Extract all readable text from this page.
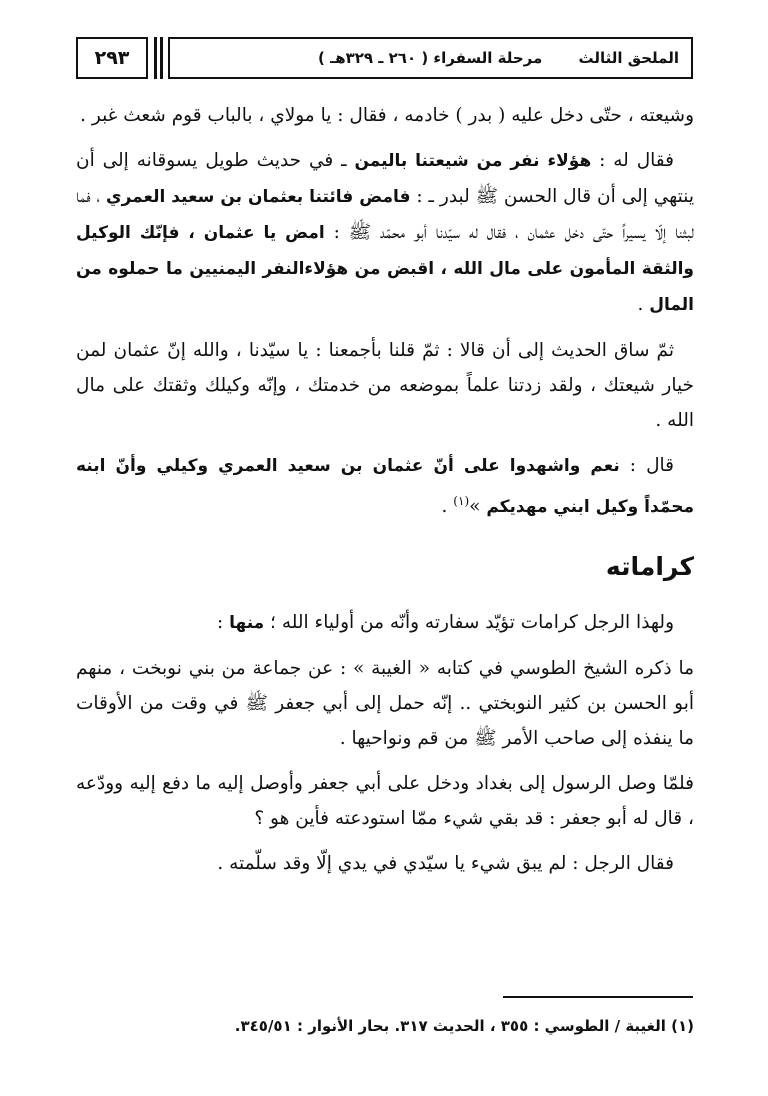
٢٩٣	الملحق الثالث
مرحلة السفراء ( ٢٦٠ ـ ٣٢٩هـ )

وشيعته ، حتّى دخل عليه ( بدر ) خادمه ، فقال : يا مولاي ، بالباب قوم شعث غبر .

فقال له : هؤلاء نفر من شيعتنا باليمن ـ في حديث طويل يسوقانه إلى أن ينتهي إلى أن قال الحسن ﷺ لبدر ـ : فامض فائتنا بعثمان بن سعيد العمري ، فما لبثنا إلّا يسيراً حتّى دخل عثمان ، فقال له سيّدنا أبو محمّد ﷺ : امض يا عثمان ، فإنّك الوكيل والثقة المأمون على مال الله ، اقبض من هؤلاءالنفر اليمنيين ما حملوه من المال .

ثمّ ساق الحديث إلى أن قالا : ثمّ قلنا بأجمعنا : يا سيّدنا ، والله إنّ عثمان لمن خيار شيعتك ، ولقد زدتنا علماً بموضعه من خدمتك ، وإنّه وكيلك وثقتك على مال الله .

قال : نعم واشهدوا على أنّ عثمان بن سعيد العمري وكيلي وأنّ ابنه محمّداً وكيل ابني مهديكم »$^{(١)}$ .

كراماته

ولهذا الرجل كرامات تؤيّد سفارته وأنّه من أولياء الله ؛ منها :

ما ذكره الشيخ الطوسي في كتابه « الغيبة » : عن جماعة من بني نوبخت ، منهم أبو الحسن بن كثير النوبختي .. إنّه حمل إلى أبي جعفر ﷺ في وقت من الأوقات ما ينفذه إلى صاحب الأمر ﷺ من قم ونواحيها .

فلمّا وصل الرسول إلى بغداد ودخل على أبي جعفر وأوصل إليه ما دفع إليه وودّعه ، قال له أبو جعفر : قد بقي شيء ممّا استودعته فأين هو ؟

فقال الرجل : لم يبق شيء يا سيّدي في يدي إلّا وقد سلّمته .

(١) الغيبة / الطوسي : ٣٥٥ ، الحديث ٣١٧. بحار الأنوار : ٣٤٥/٥١.
